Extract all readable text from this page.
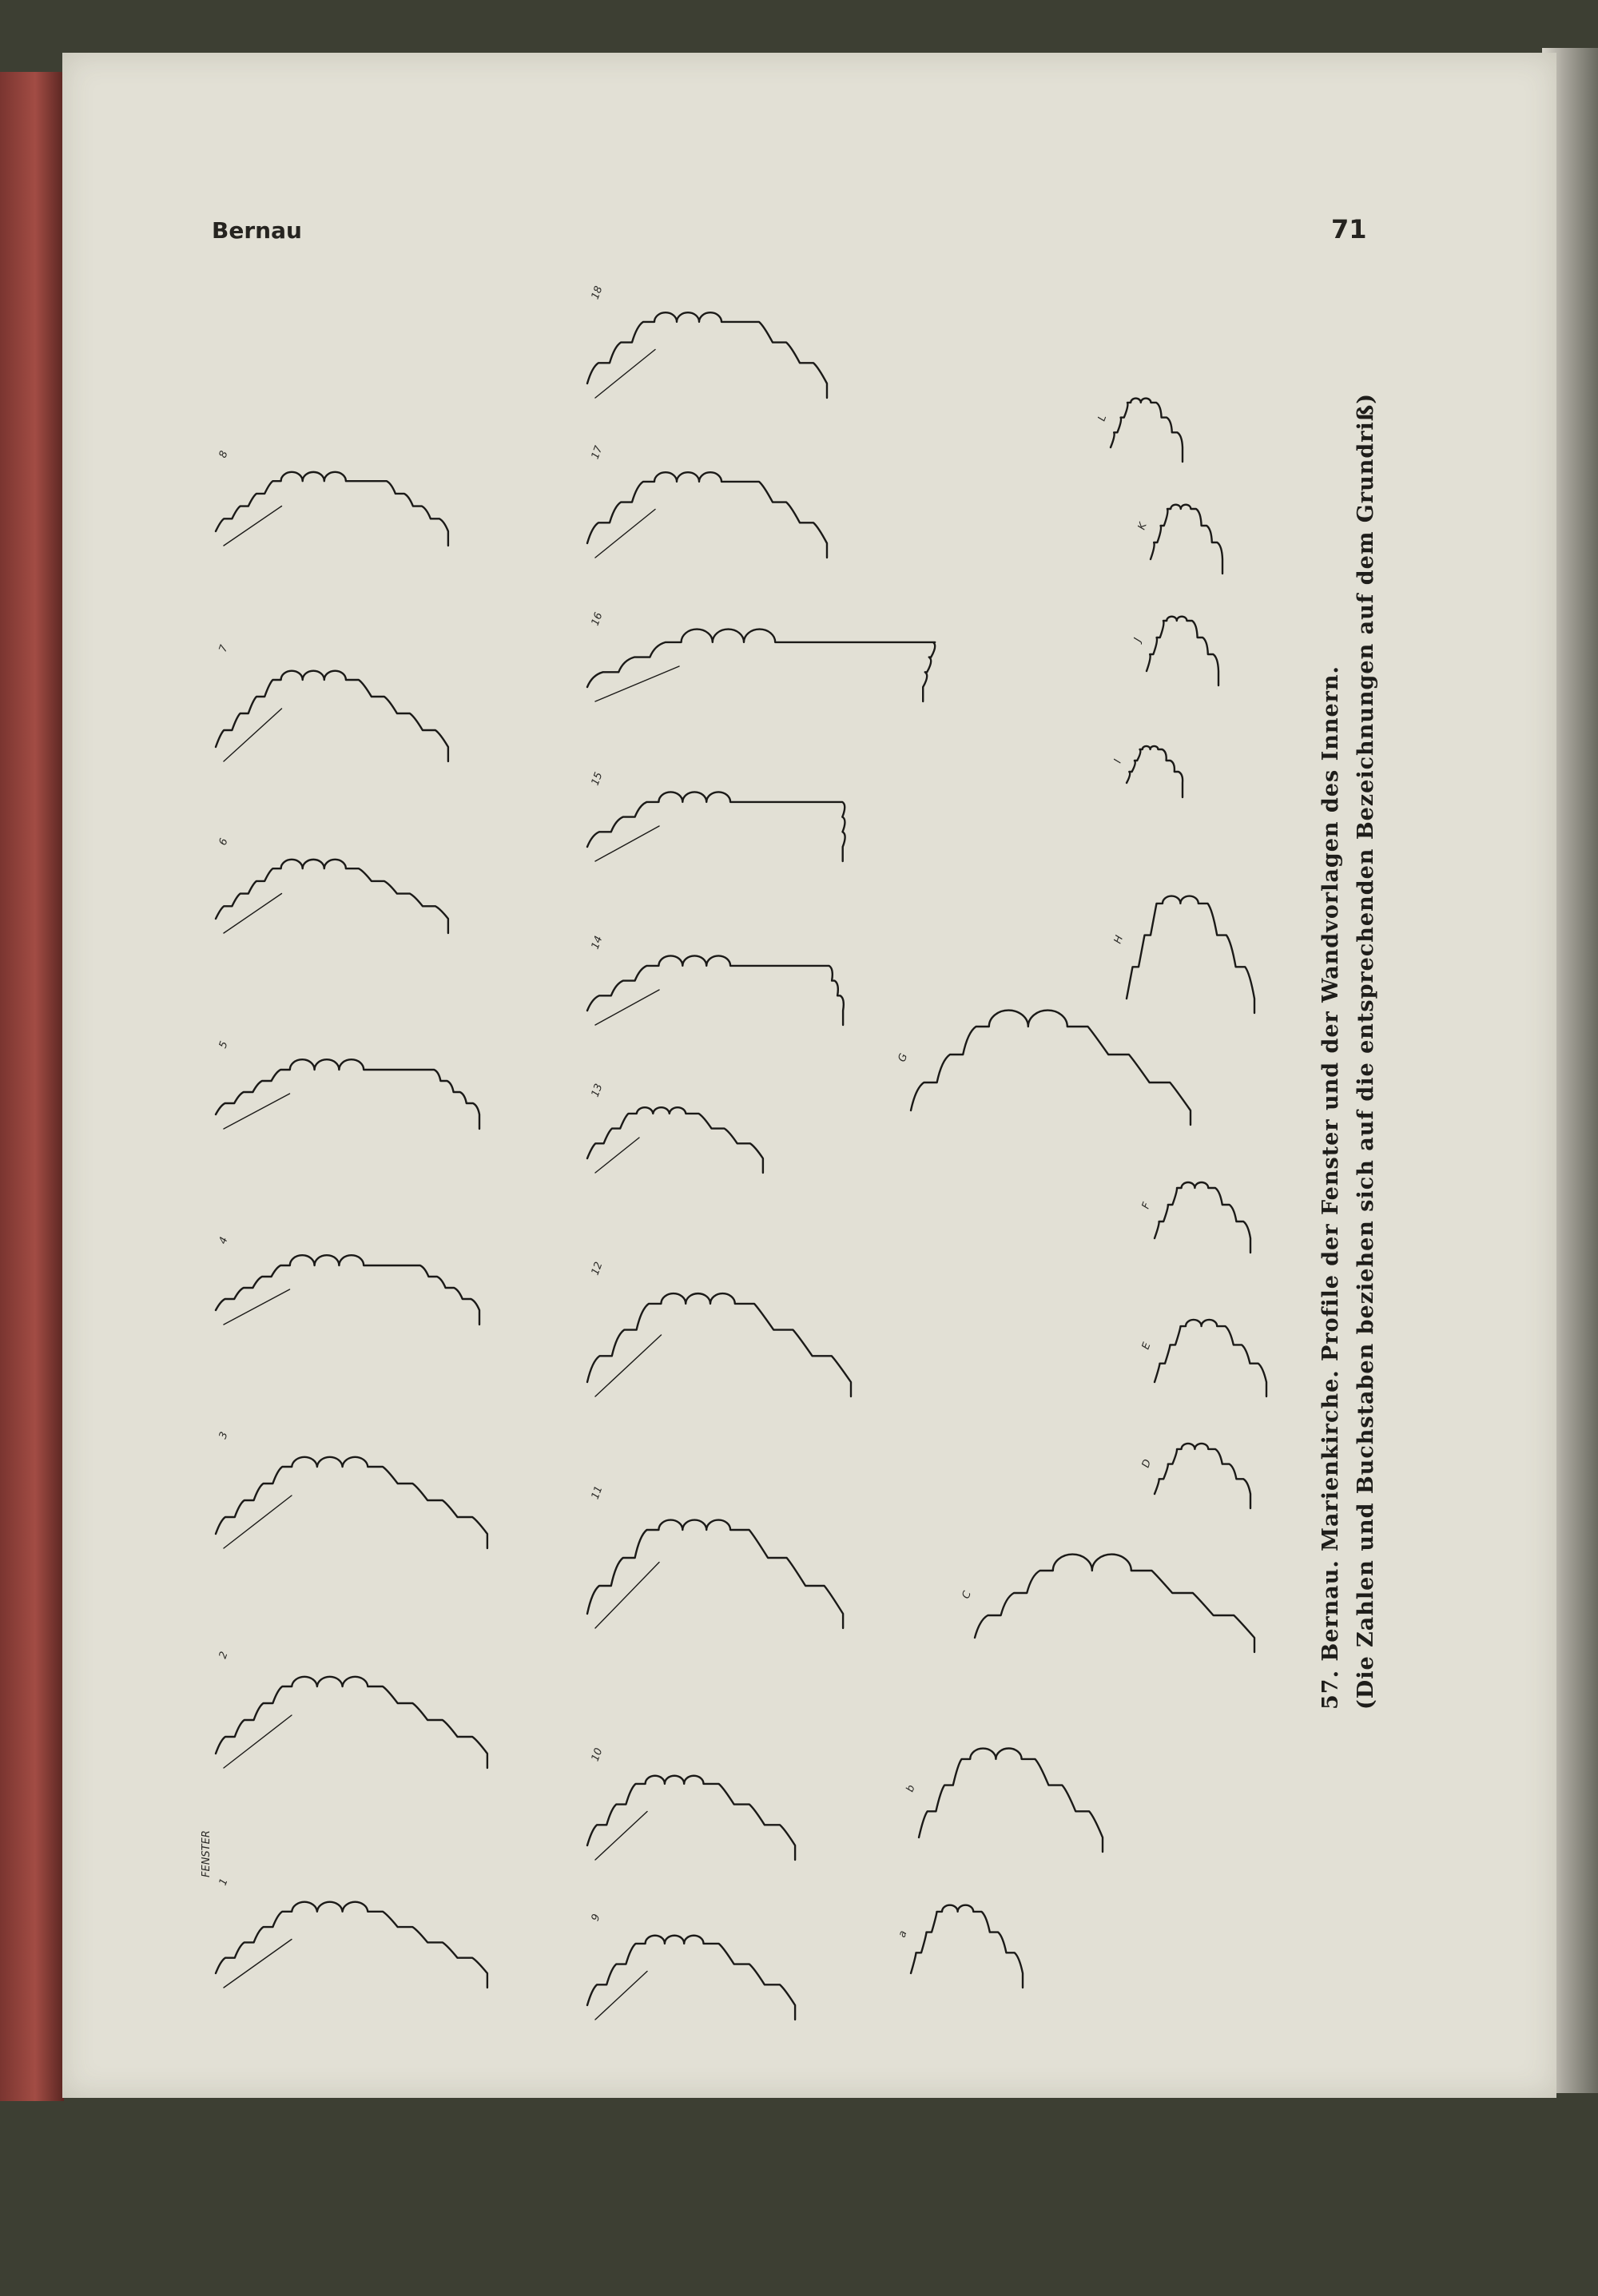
Bernau	71
1
2
3
4
5
6
7
8
FENSTER
9
10
11
12
13
14
15
16
17
18
a
b
C
D
E
F
G
H
I
J
K
L
57. Bernau. Marienkirche. Profile der Fenster und der Wandvorlagen des Innern. (Die Zahlen und Buchstaben beziehen sich auf die entsprechenden Bezeichnungen auf dem Grundriß)
